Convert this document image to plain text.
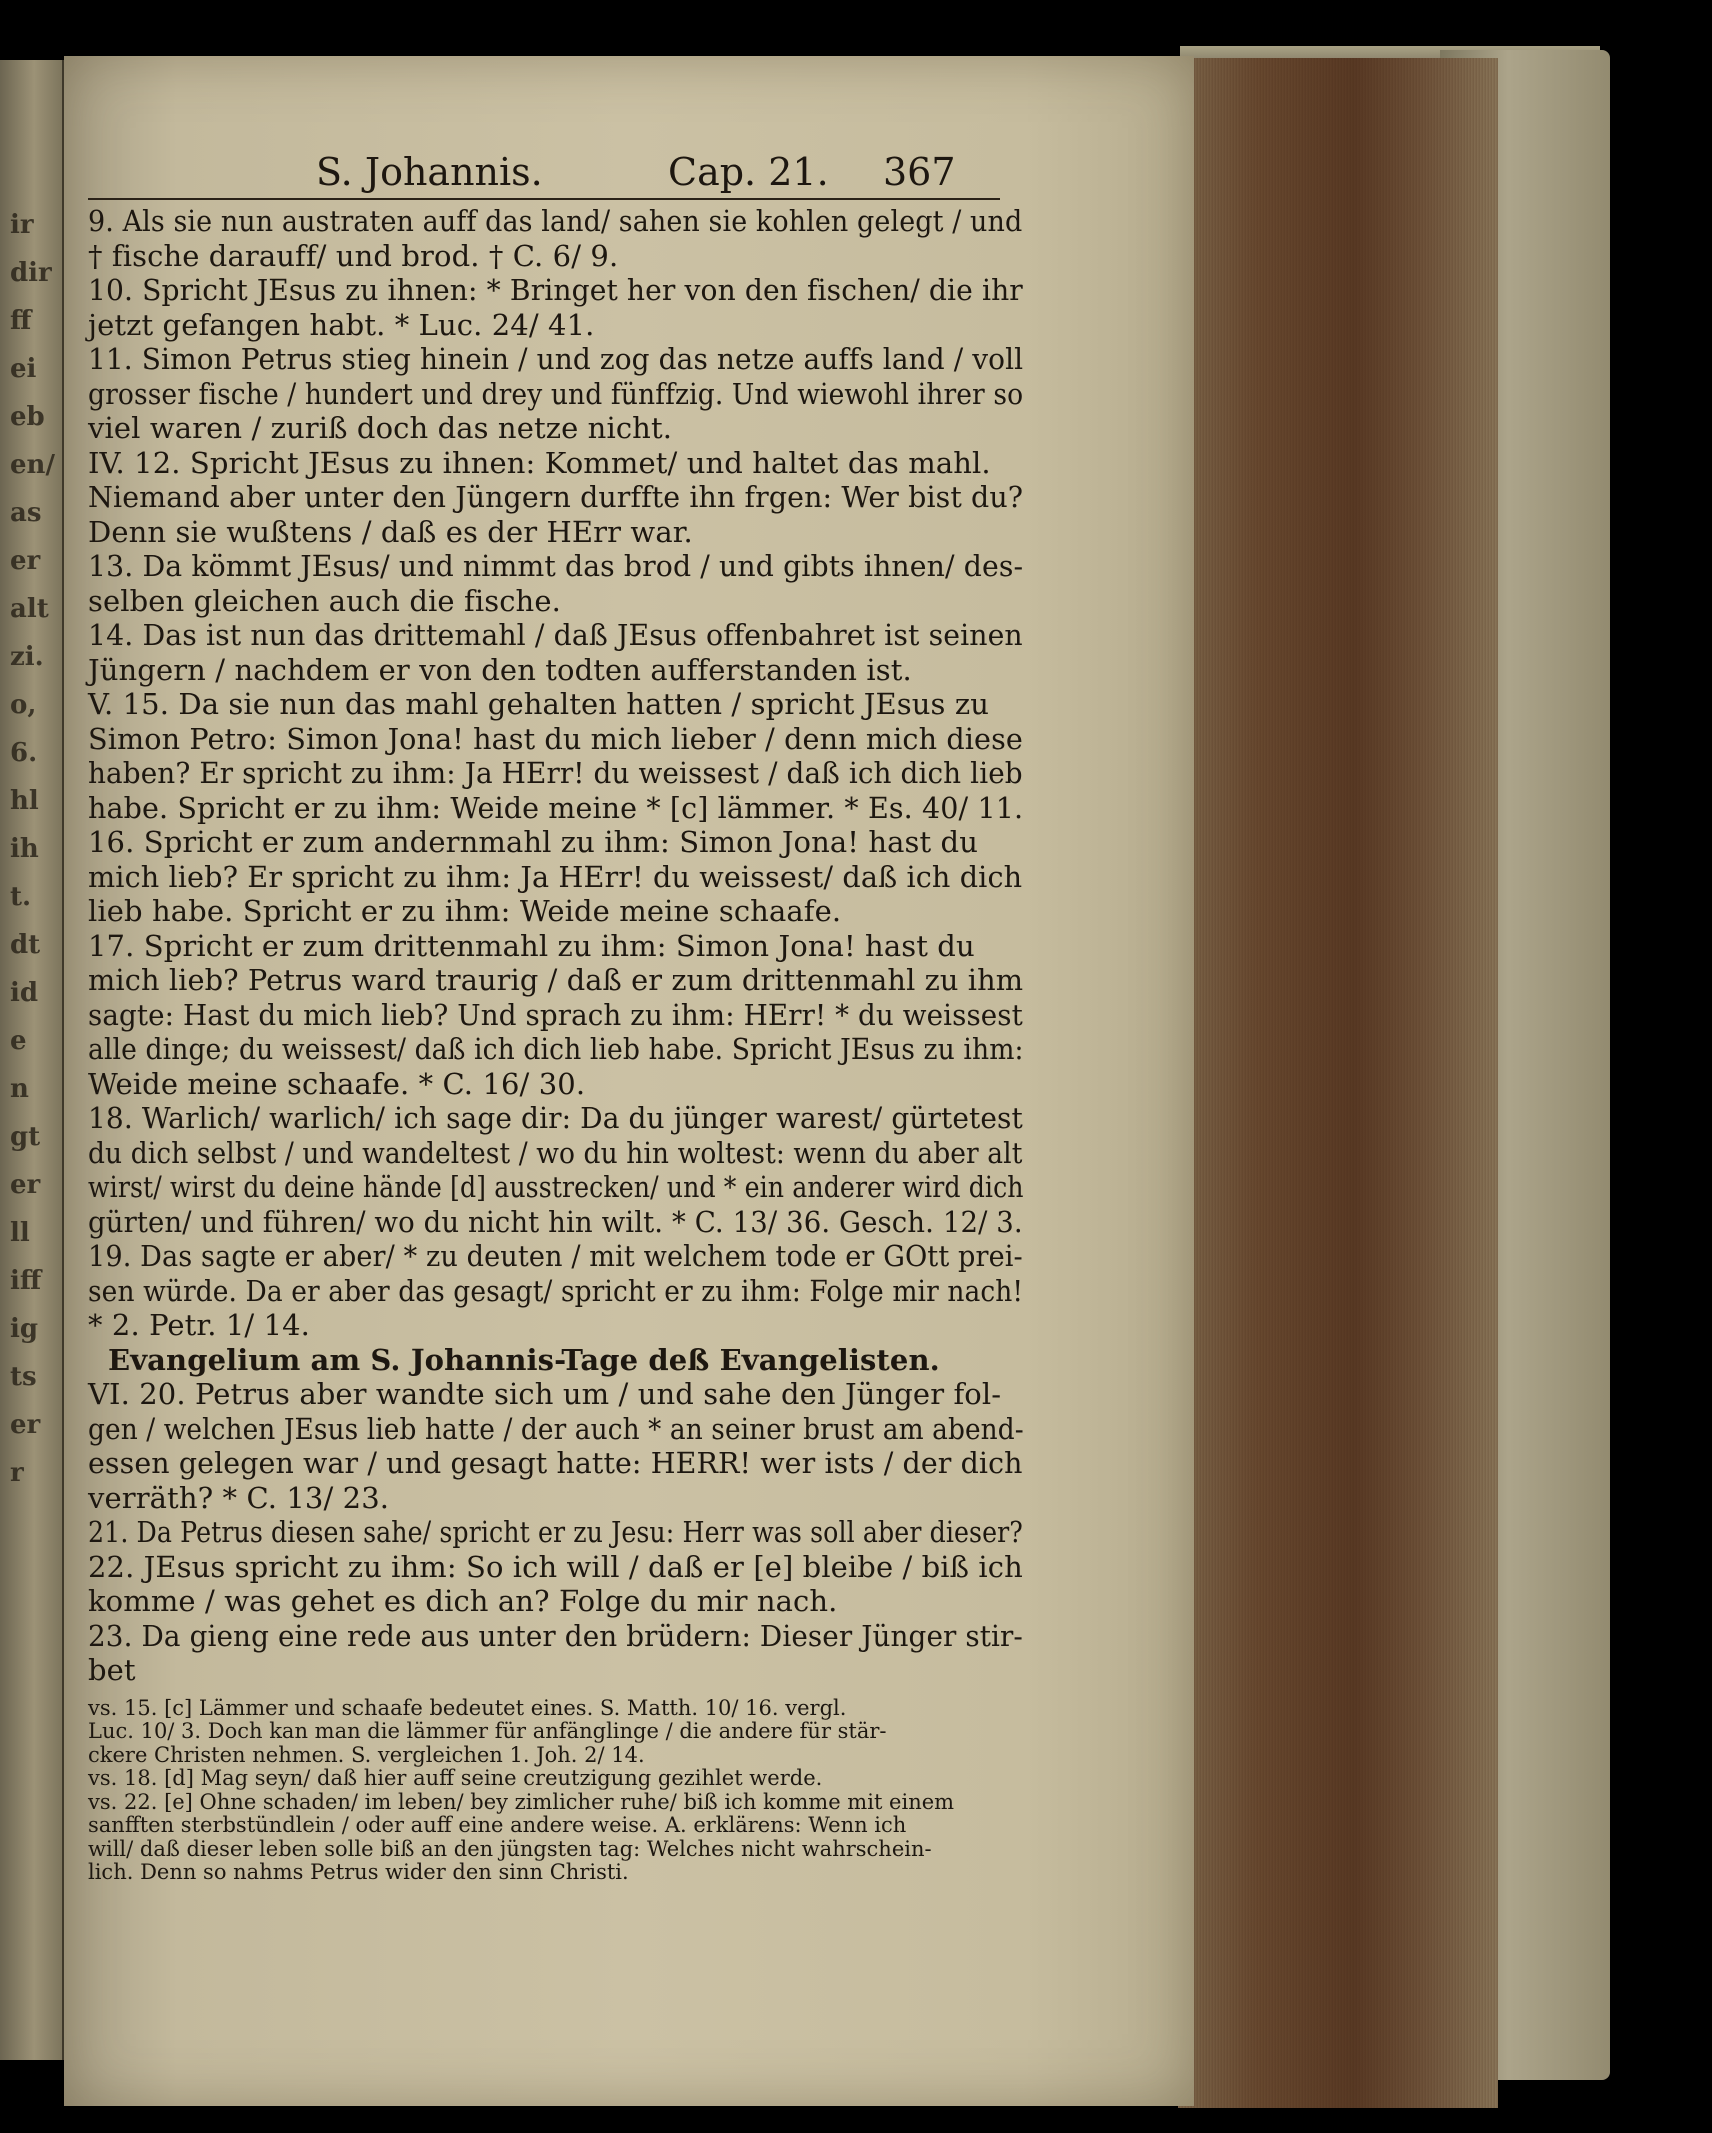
ir
dir
ff
ei
eb
en/
as
er
alt
zi.
o,
6.
hl
ih
t.
dt
id
e
n
gt
er
ll
iff
ig
ts
er
r
S. Johannis.	Cap. 21. 367
9. Als sie nun austraten auff das land/ sahen sie kohlen gelegt / und
† fische darauff/ und brod. † C. 6/ 9.
10. Spricht JEsus zu ihnen: * Bringet her von den fischen/ die ihr
jetzt gefangen habt. * Luc. 24/ 41.
11. Simon Petrus stieg hinein / und zog das netze auffs land / voll
grosser fische / hundert und drey und fünffzig. Und wiewohl ihrer so
viel waren / zuriß doch das netze nicht.
IV. 12. Spricht JEsus zu ihnen: Kommet/ und haltet das mahl.
Niemand aber unter den Jüngern durffte ihn frgen: Wer bist du?
Denn sie wußtens / daß es der HErr war.
13. Da kömmt JEsus/ und nimmt das brod / und gibts ihnen/ des-
selben gleichen auch die fische.
14. Das ist nun das drittemahl / daß JEsus offenbahret ist seinen
Jüngern / nachdem er von den todten aufferstanden ist.
V. 15. Da sie nun das mahl gehalten hatten / spricht JEsus zu
Simon Petro: Simon Jona! hast du mich lieber / denn mich diese
haben? Er spricht zu ihm: Ja HErr! du weissest / daß ich dich lieb
habe. Spricht er zu ihm: Weide meine * [c] lämmer. * Es. 40/ 11.
16. Spricht er zum andernmahl zu ihm: Simon Jona! hast du
mich lieb? Er spricht zu ihm: Ja HErr! du weissest/ daß ich dich
lieb habe. Spricht er zu ihm: Weide meine schaafe.
17. Spricht er zum drittenmahl zu ihm: Simon Jona! hast du
mich lieb? Petrus ward traurig / daß er zum drittenmahl zu ihm
sagte: Hast du mich lieb? Und sprach zu ihm: HErr! * du weissest
alle dinge; du weissest/ daß ich dich lieb habe. Spricht JEsus zu ihm:
Weide meine schaafe. * C. 16/ 30.
18. Warlich/ warlich/ ich sage dir: Da du jünger warest/ gürtetest
du dich selbst / und wandeltest / wo du hin woltest: wenn du aber alt
wirst/ wirst du deine hände [d] ausstrecken/ und * ein anderer wird dich
gürten/ und führen/ wo du nicht hin wilt. * C. 13/ 36. Gesch. 12/ 3.
19. Das sagte er aber/ * zu deuten / mit welchem tode er GOtt prei-
sen würde. Da er aber das gesagt/ spricht er zu ihm: Folge mir nach!
* 2. Petr. 1/ 14.
Evangelium am S. Johannis-Tage deß Evangelisten.
VI. 20. Petrus aber wandte sich um / und sahe den Jünger fol-
gen / welchen JEsus lieb hatte / der auch * an seiner brust am abend-
essen gelegen war / und gesagt hatte: HERR! wer ists / der dich
verräth? * C. 13/ 23.
21. Da Petrus diesen sahe/ spricht er zu Jesu: Herr was soll aber dieser?
22. JEsus spricht zu ihm: So ich will / daß er [e] bleibe / biß ich
komme / was gehet es dich an? Folge du mir nach.
23. Da gieng eine rede aus unter den brüdern: Dieser Jünger stir-
bet
vs. 15. [c] Lämmer und schaafe bedeutet eines. S. Matth. 10/ 16. vergl.
Luc. 10/ 3. Doch kan man die lämmer für anfänglinge / die andere für stär-
ckere Christen nehmen. S. vergleichen 1. Joh. 2/ 14.
vs. 18. [d] Mag seyn/ daß hier auff seine creutzigung gezihlet werde.
vs. 22. [e] Ohne schaden/ im leben/ bey zimlicher ruhe/ biß ich komme mit einem
sanfften sterbstündlein / oder auff eine andere weise. A. erklärens: Wenn ich
will/ daß dieser leben solle biß an den jüngsten tag: Welches nicht wahrschein-
lich. Denn so nahms Petrus wider den sinn Christi.
